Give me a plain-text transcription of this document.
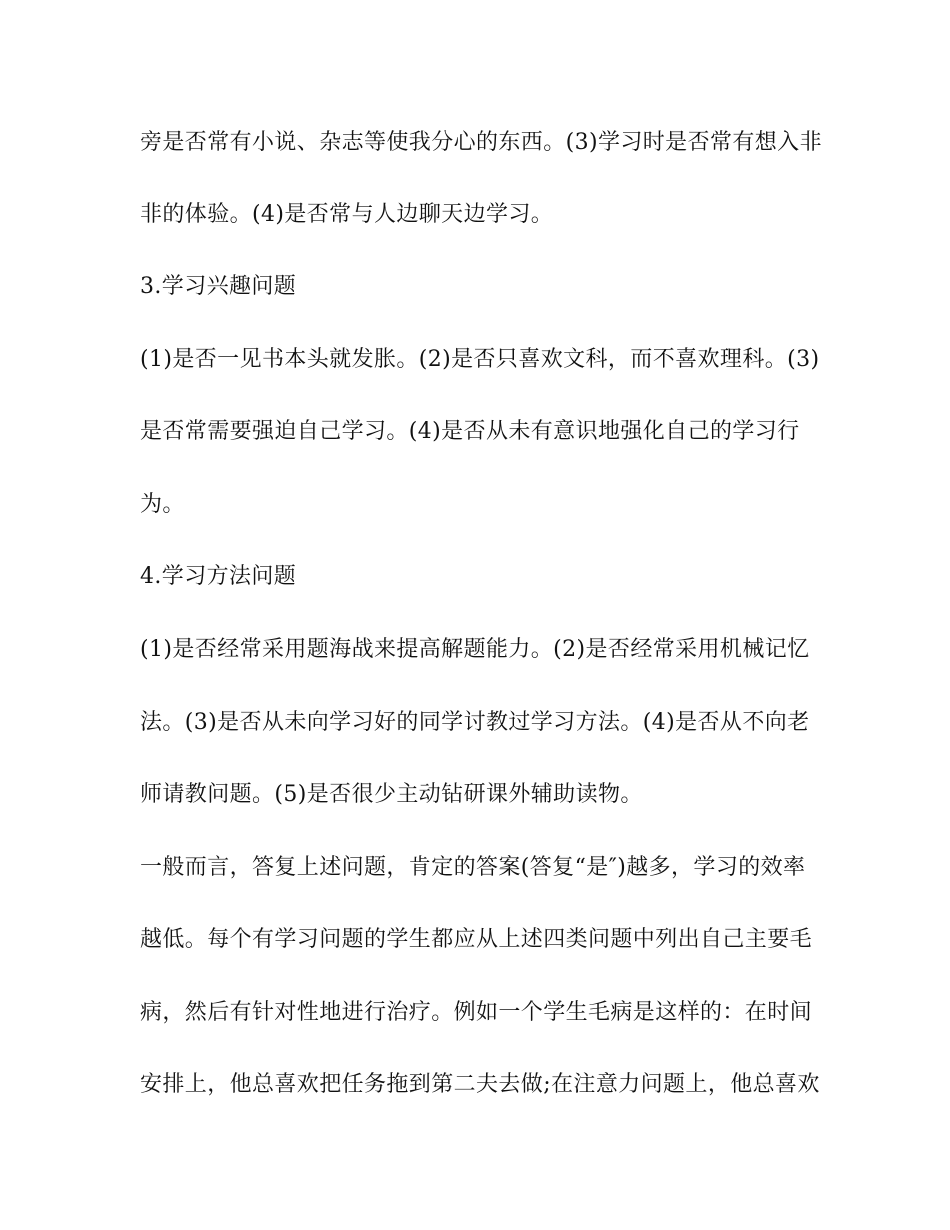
旁是否常有小说、杂志等使我分心的东西。(3)学习时是否常有想入非
非的体验。(4)是否常与人边聊天边学习。
3.学习兴趣问题
(1)是否一见书本头就发胀。(2)是否只喜欢文科，而不喜欢理科。(3)
是否常需要强迫自己学习。(4)是否从未有意识地强化自己的学习行
为。
4.学习方法问题
(1)是否经常采用题海战来提高解题能力。(2)是否经常采用机械记忆
法。(3)是否从未向学习好的同学讨教过学习方法。(4)是否从不向老
师请教问题。(5)是否很少主动钻研课外辅助读物。
一般而言，答复上述问题，肯定的答案(答复“是″)越多，学习的效率
越低。每个有学习问题的学生都应从上述四类问题中列出自己主要毛
病，然后有针对性地进行治疗。例如一个学生毛病是这样的：在时间
安排上，他总喜欢把任务拖到第二夫去做;在注意力问题上，他总喜欢
